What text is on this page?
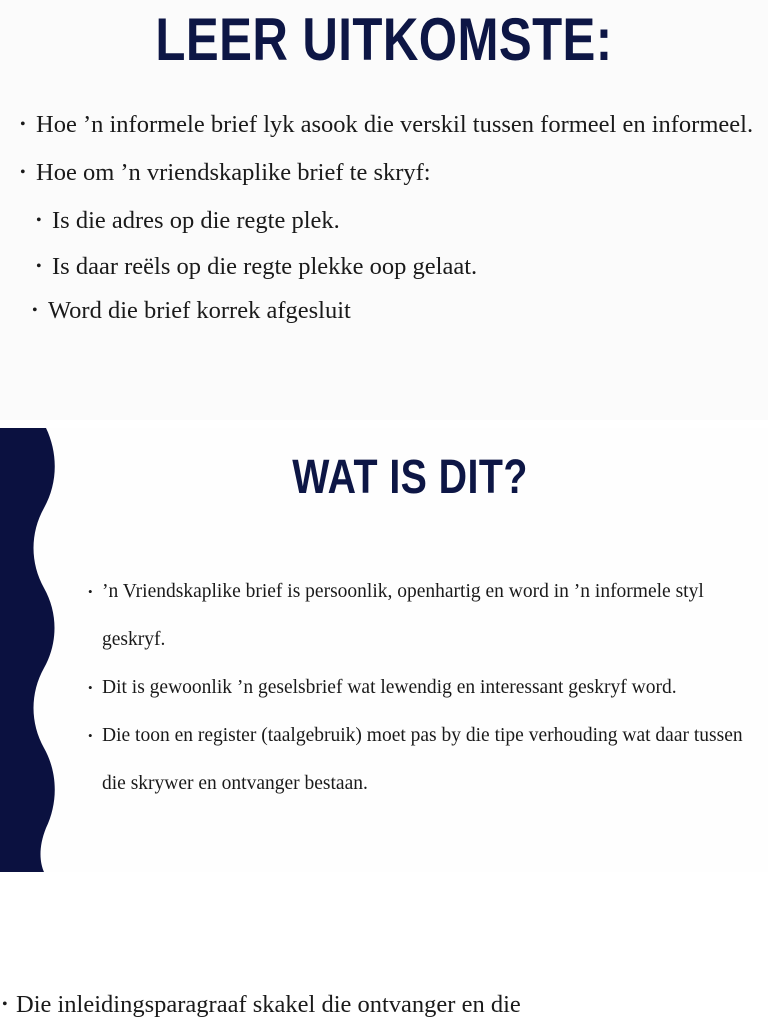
LEER UITKOMSTE:
• Hoe ’n informele brief lyk asook die verskil tussen formeel en informeel.
• Hoe om ’n vriendskaplike brief te skryf:
• Is die adres op die regte plek.
• Is daar reëls op die regte plekke oop gelaat.
• Word die brief korrek afgesluit
WAT IS DIT?
• ’n Vriendskaplike brief is persoonlik, openhartig en word in ’n informele styl geskryf.
• Dit is gewoonlik ’n geselsbrief wat lewendig en interessant geskryf word.
• Die toon en register (taalgebruik) moet pas by die tipe verhouding wat daar tussen die skrywer en ontvanger bestaan.
• Die inleidingsparagraaf skakel die ontvanger en die
